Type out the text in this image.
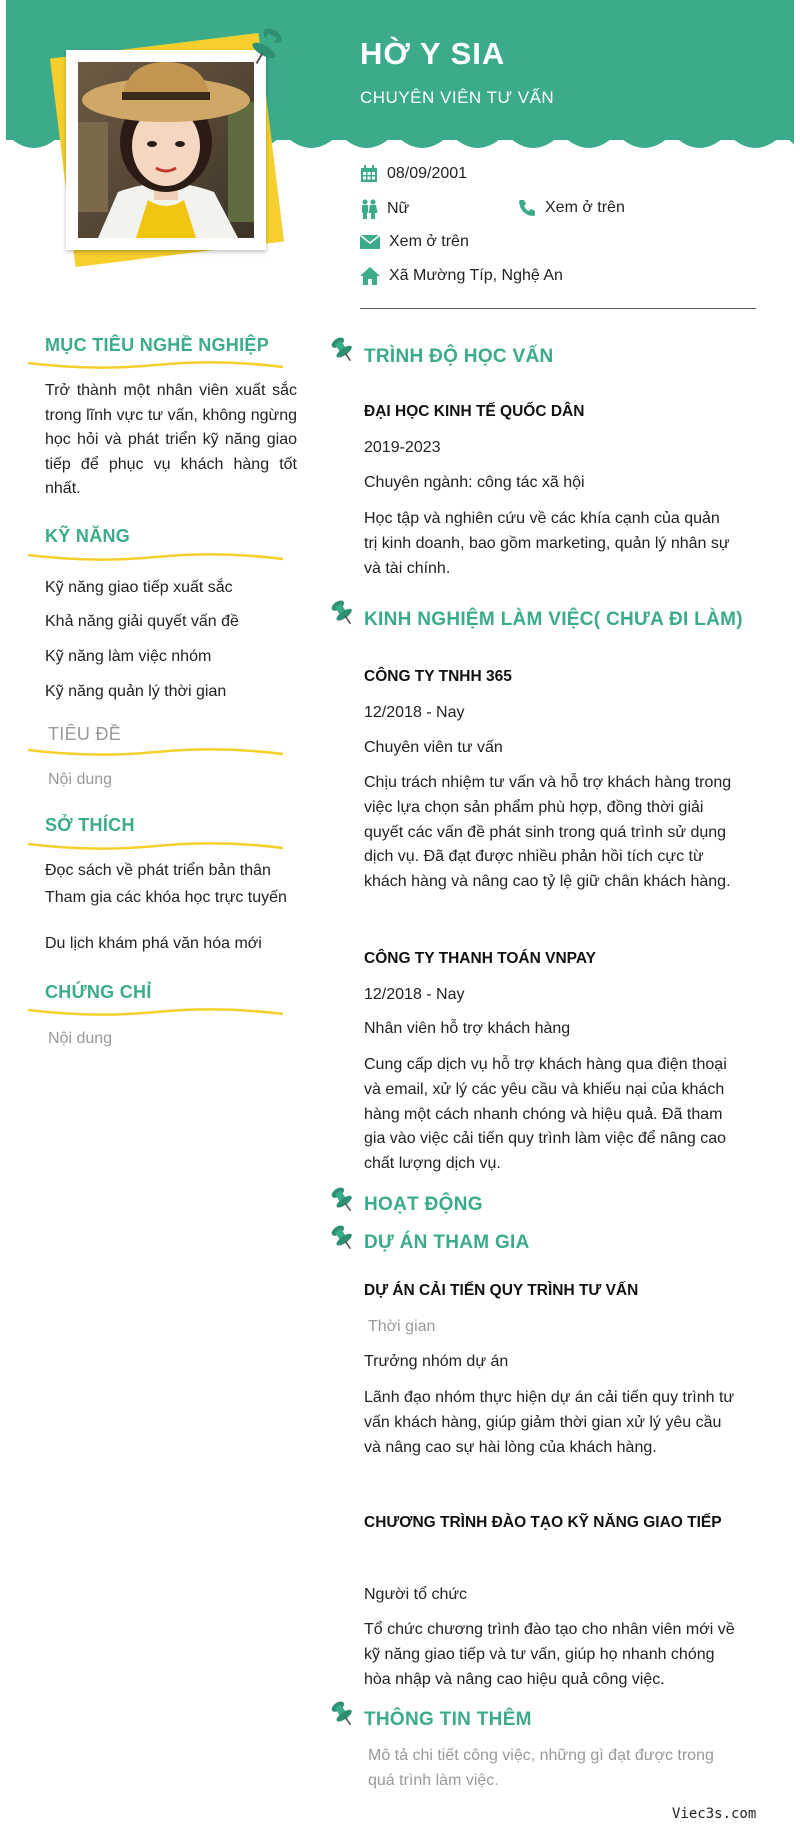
HỜ Y SIA
CHUYÊN VIÊN TƯ VẤN
08/09/2001
Nữ	Xem ở trên
Xem ở trên
Xã Mường Típ, Nghệ An
MỤC TIÊU NGHỀ NGHIỆP
Trở thành một nhân viên xuất sắc trong lĩnh vực tư vấn, không ngừng học hỏi và phát triển kỹ năng giao tiếp để phục vụ khách hàng tốt nhất.
KỸ NĂNG
Kỹ năng giao tiếp xuất sắc
Khả năng giải quyết vấn đề
Kỹ năng làm việc nhóm
Kỹ năng quản lý thời gian
TIÊU ĐỀ
Nội dung
SỞ THÍCH
Đọc sách về phát triển bản thân
Tham gia các khóa học trực tuyến
Du lịch khám phá văn hóa mới
CHỨNG CHỈ
Nội dung
TRÌNH ĐỘ HỌC VẤN
ĐẠI HỌC KINH TẾ QUỐC DÂN
2019-2023
Chuyên ngành: công tác xã hội
Học tập và nghiên cứu về các khía cạnh của quản trị kinh doanh, bao gồm marketing, quản lý nhân sự và tài chính.
KINH NGHIỆM LÀM VIỆC( CHƯA ĐI LÀM)
CÔNG TY TNHH 365
12/2018 - Nay
Chuyên viên tư vấn
Chịu trách nhiệm tư vấn và hỗ trợ khách hàng trong việc lựa chọn sản phẩm phù hợp, đồng thời giải quyết các vấn đề phát sinh trong quá trình sử dụng dịch vụ. Đã đạt được nhiều phản hồi tích cực từ khách hàng và nâng cao tỷ lệ giữ chân khách hàng.
CÔNG TY THANH TOÁN VNPAY
12/2018 - Nay
Nhân viên hỗ trợ khách hàng
Cung cấp dịch vụ hỗ trợ khách hàng qua điện thoại và email, xử lý các yêu cầu và khiếu nại của khách hàng một cách nhanh chóng và hiệu quả. Đã tham gia vào việc cải tiến quy trình làm việc để nâng cao chất lượng dịch vụ.
HOẠT ĐỘNG
DỰ ÁN THAM GIA
DỰ ÁN CẢI TIẾN QUY TRÌNH TƯ VẤN
Thời gian
Trưởng nhóm dự án
Lãnh đạo nhóm thực hiện dự án cải tiến quy trình tư vấn khách hàng, giúp giảm thời gian xử lý yêu cầu và nâng cao sự hài lòng của khách hàng.
CHƯƠNG TRÌNH ĐÀO TẠO KỸ NĂNG GIAO TIẾP
Người tổ chức
Tổ chức chương trình đào tạo cho nhân viên mới về kỹ năng giao tiếp và tư vấn, giúp họ nhanh chóng hòa nhập và nâng cao hiệu quả công việc.
THÔNG TIN THÊM
Mô tả chi tiết công việc, những gì đạt được trong quá trình làm việc.
Viec3s.com
